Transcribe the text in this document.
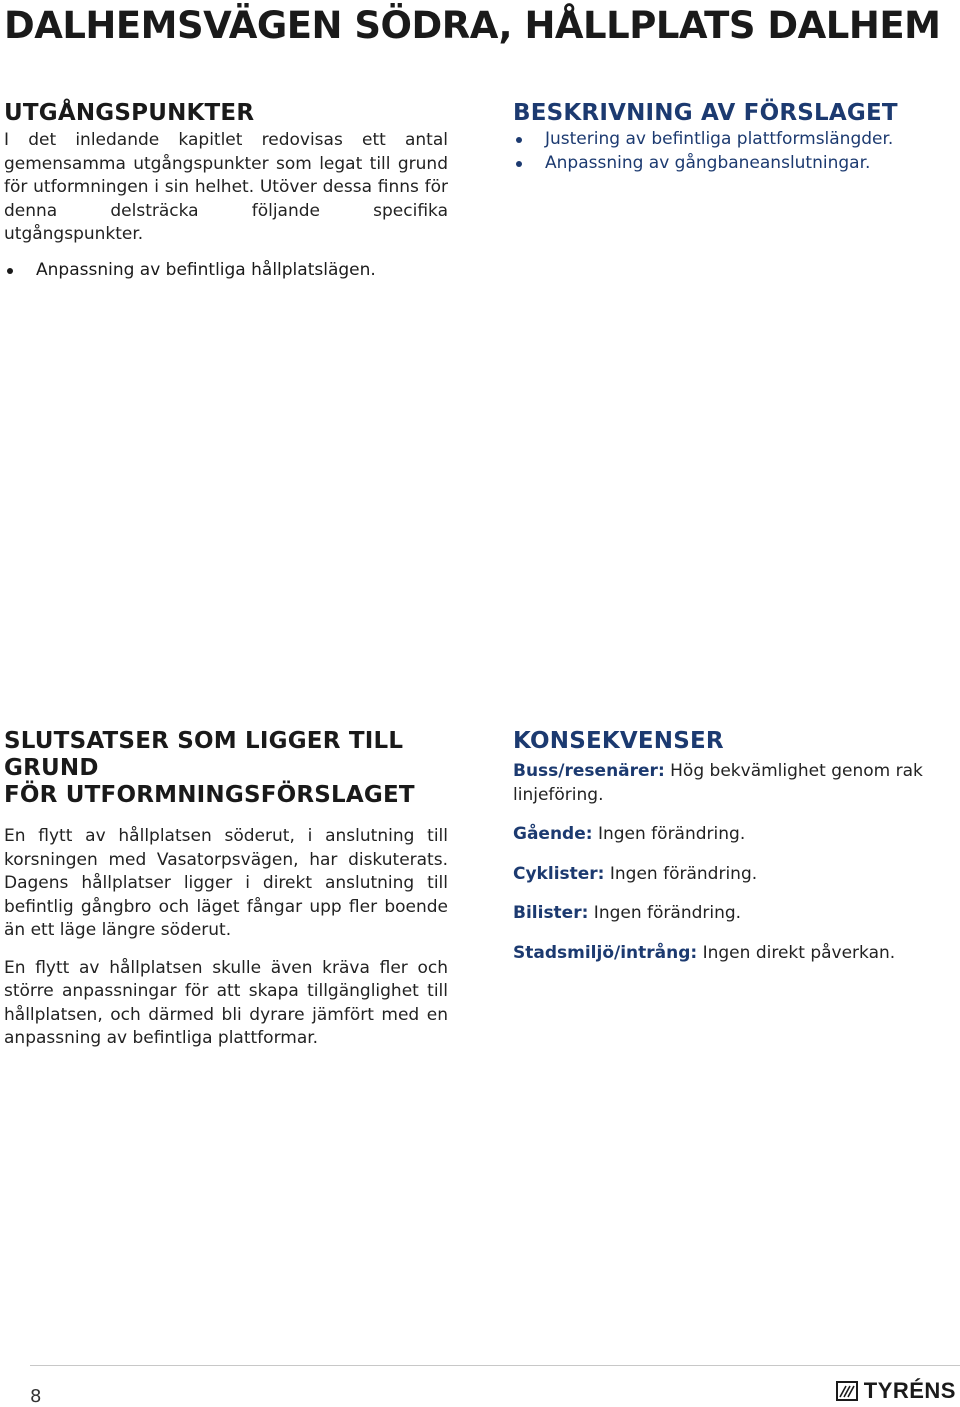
DALHEMSVÄGEN SÖDRA, HÅLLPLATS DALHEM
UTGÅNGSPUNKTER

I det inledande kapitlet redovisas ett antal gemensamma utgångspunkter som legat till grund för utformningen i sin helhet. Utöver dessa finns för denna delsträcka följande specifika utgångspunkter.

Anpassning av befintliga hållplatslägen.
BESKRIVNING AV FÖRSLAGET
Justering av befintliga plattformslängder.
Anpassning av gångbaneanslutningar.
SLUTSATSER SOM LIGGER TILL GRUND
FÖR UTFORMNINGSFÖRSLAGET

En flytt av hållplatsen söderut, i anslutning till korsningen med Vasatorpsvägen, har diskuterats. Dagens hållplatser ligger i direkt anslutning till befintlig gångbro och läget fångar upp fler boende än ett läge längre söderut.

En flytt av hållplatsen skulle även kräva fler och större anpassningar för att skapa tillgänglighet till hållplatsen, och därmed bli dyrare jämfört med en anpassning av befintliga plattformar.

KONSEKVENSER

Buss/resenärer: Hög bekvämlighet genom rak linjeföring.

Gående: Ingen förändring.

Cyklister: Ingen förändring.

Bilister: Ingen förändring.

Stadsmiljö/intrång: Ingen direkt påverkan.

8	TYRÉNS
